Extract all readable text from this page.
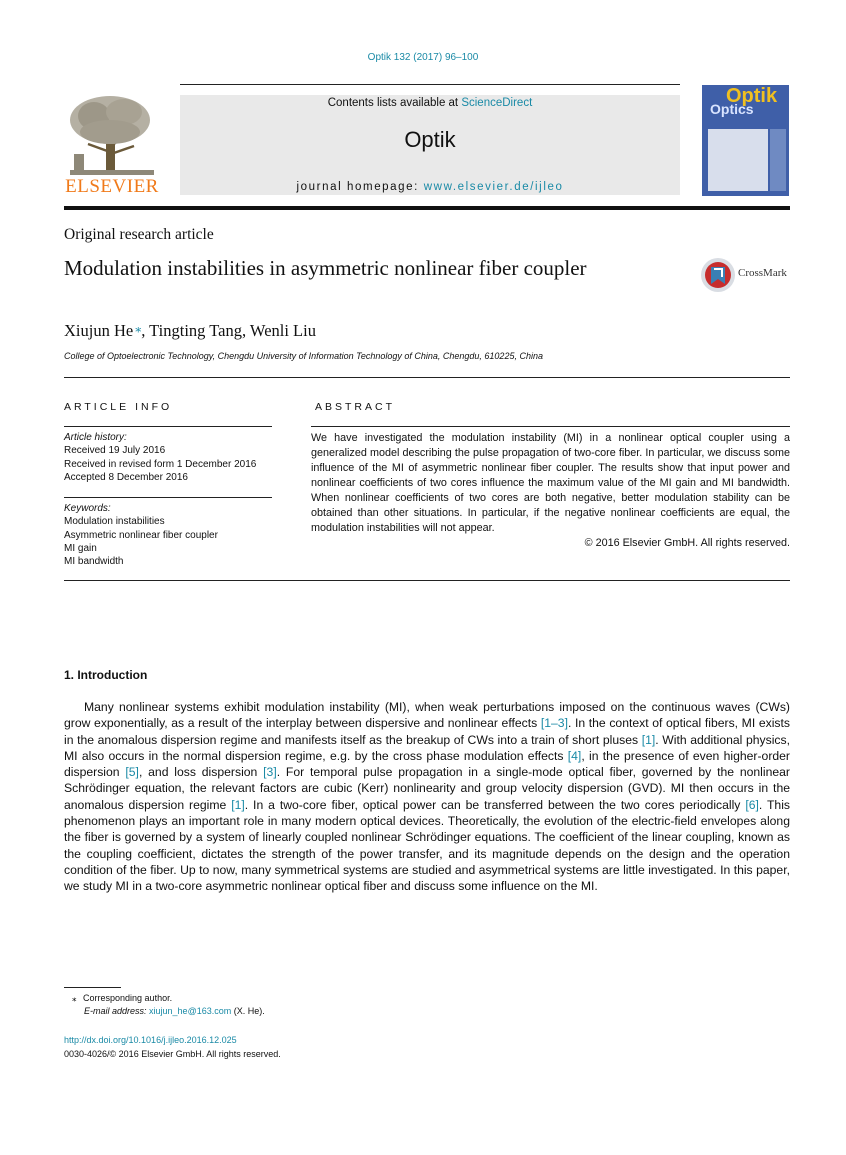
Optik 132 (2017) 96–100
ELSEVIER
Contents lists available at ScienceDirect
Optik
journal homepage: www.elsevier.de/ijleo
Optik
Optics
Original research article
Modulation instabilities in asymmetric nonlinear fiber coupler	CrossMark
Xiujun He ⁎, Tingting Tang, Wenli Liu
College of Optoelectronic Technology, Chengdu University of Information Technology of China, Chengdu, 610225, China
ARTICLE INFO
Article history:
Received 19 July 2016
Received in revised form 1 December 2016
Accepted 8 December 2016
Keywords:
Modulation instabilities
Asymmetric nonlinear fiber coupler
MI gain
MI bandwidth
ABSTRACT
We have investigated the modulation instability (MI) in a nonlinear optical coupler using a generalized model describing the pulse propagation of two-core fiber. In particular, we discuss some influence of the MI of asymmetric nonlinear fiber coupler. The results show that input power and nonlinear coefficients of two cores influence the maximum value of the MI gain and MI bandwidth. When nonlinear coefficients of two cores are both negative, better modulation stability can be obtained than other situations. In particular, if the negative nonlinear coefficients are equal, the modulation instabilities will not appear.
© 2016 Elsevier GmbH. All rights reserved.
1. Introduction
Many nonlinear systems exhibit modulation instability (MI), when weak perturbations imposed on the continuous waves (CWs) grow exponentially, as a result of the interplay between dispersive and nonlinear effects [1–3]. In the context of optical fibers, MI exists in the anomalous dispersion regime and manifests itself as the breakup of CWs into a train of short pluses [1]. With additional physics, MI also occurs in the normal dispersion regime, e.g. by the cross phase modulation effects [4], in the presence of even higher-order dispersion [5], and loss dispersion [3]. For temporal pulse propagation in a single-mode optical fiber, governed by the nonlinear Schrödinger equation, the relevant factors are cubic (Kerr) nonlinearity and group velocity dispersion (GVD). MI then occurs in the anomalous dispersion regime [1]. In a two-core fiber, optical power can be transferred between the two cores periodically [6]. This phenomenon plays an important role in many modern optical devices. Theoretically, the evolution of the electric-field envelopes along the fiber is governed by a system of linearly coupled nonlinear Schrödinger equations. The coefficient of the linear coupling, known as the coupling coefficient, dictates the strength of the power transfer, and its magnitude depends on the design and the operation condition of the fiber. Up to now, many symmetrical systems are studied and asymmetrical systems are little investigated. In this paper, we study MI in a two-core asymmetric nonlinear optical fiber and discuss some influence on the MI.
⁎ Corresponding author.
E-mail address: xiujun_he@163.com (X. He).
http://dx.doi.org/10.1016/j.ijleo.2016.12.025
0030-4026/© 2016 Elsevier GmbH. All rights reserved.
